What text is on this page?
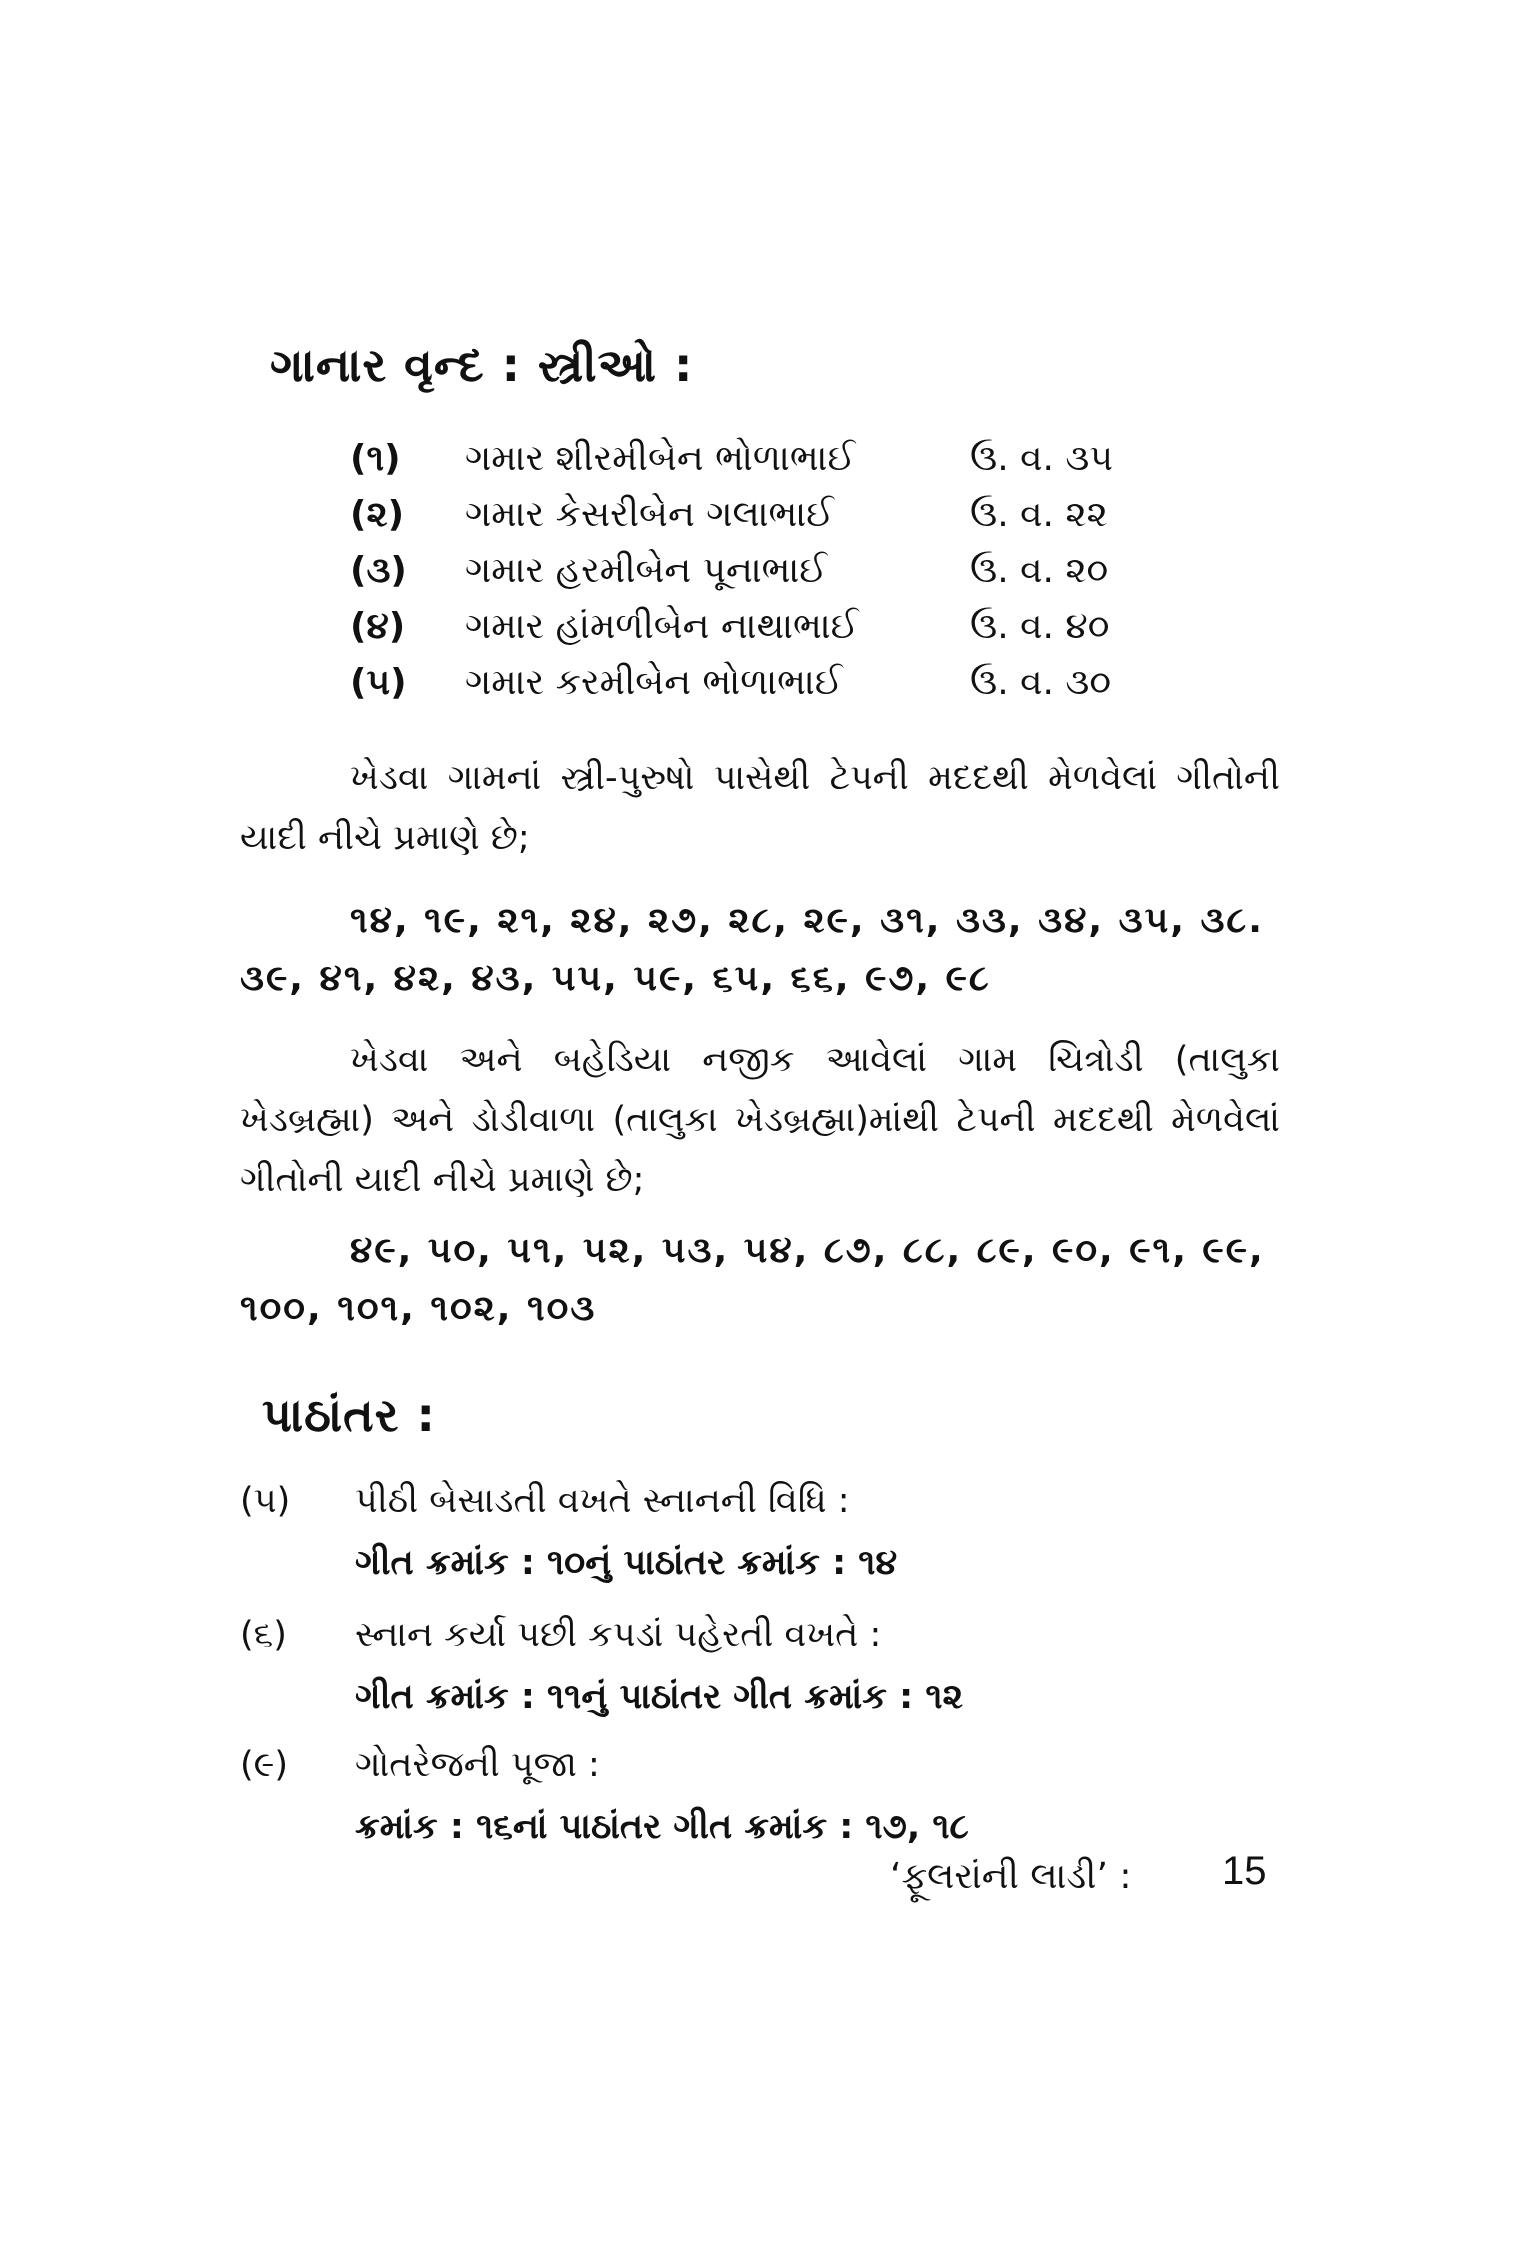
ગાનાર વૃન્દ : સ્ત્રીઓ :
(૧) ગમાર શીરમીબેન ભોળાભાઈ	ઉ. વ. ૩૫
(૨) ગમાર કેસરીબેન ગલાભાઈ	ઉ. વ. ૨૨
(૩) ગમાર હરમીબેન પૂનાભાઈ	ઉ. વ. ૨૦
(૪) ગમાર હાંમળીબેન નાથાભાઈ	ઉ. વ. ૪૦
(૫) ગમાર કરમીબેન ભોળાભાઈ	ઉ. વ. ૩૦
ખેડવા ગામનાં સ્ત્રી-પુરુષો પાસેથી ટેપની મદદથી મેળવેલાં ગીતોની યાદી નીચે પ્રમાણે છે;
૧૪, ૧૯, ૨૧, ૨૪, ૨૭, ૨૮, ૨૯, ૩૧, ૩૩, ૩૪, ૩૫, ૩૮. ૩૯, ૪૧, ૪૨, ૪૩, ૫૫, ૫૯, ૬૫, ૬૬, ૯૭, ૯૮
ખેડવા અને બહેડિયા નજીક આવેલાં ગામ ચિત્રોડી (તાલુકા ખેડબ્રહ્મા) અને ડોડીવાળા (તાલુકા ખેડબ્રહ્મા)માંથી ટેપની મદદથી મેળવેલાં ગીતોની યાદી નીચે પ્રમાણે છે;
૪૯, ૫૦, ૫૧, ૫૨, ૫૩, ૫૪, ૮૭, ૮૮, ૮૯, ૯૦, ૯૧, ૯૯, ૧૦૦, ૧૦૧, ૧૦૨, ૧૦૩
પાઠાંતર :
(૫) પીઠી બેસાડતી વખતે સ્નાનની વિધિ :
ગીત ક્રમાંક : ૧૦નું પાઠાંતર ક્રમાંક : ૧૪
(૬) સ્નાન કર્યા પછી કપડાં પહેરતી વખતે :
ગીત ક્રમાંક : ૧૧નું પાઠાંતર ગીત ક્રમાંક : ૧૨
(૯) ગોતરેજની પૂજા :
ક્રમાંક : ૧૬નાં પાઠાંતર ગીત ક્રમાંક : ૧૭, ૧૮
‘ફૂલરાંની લાડી’ : 15
